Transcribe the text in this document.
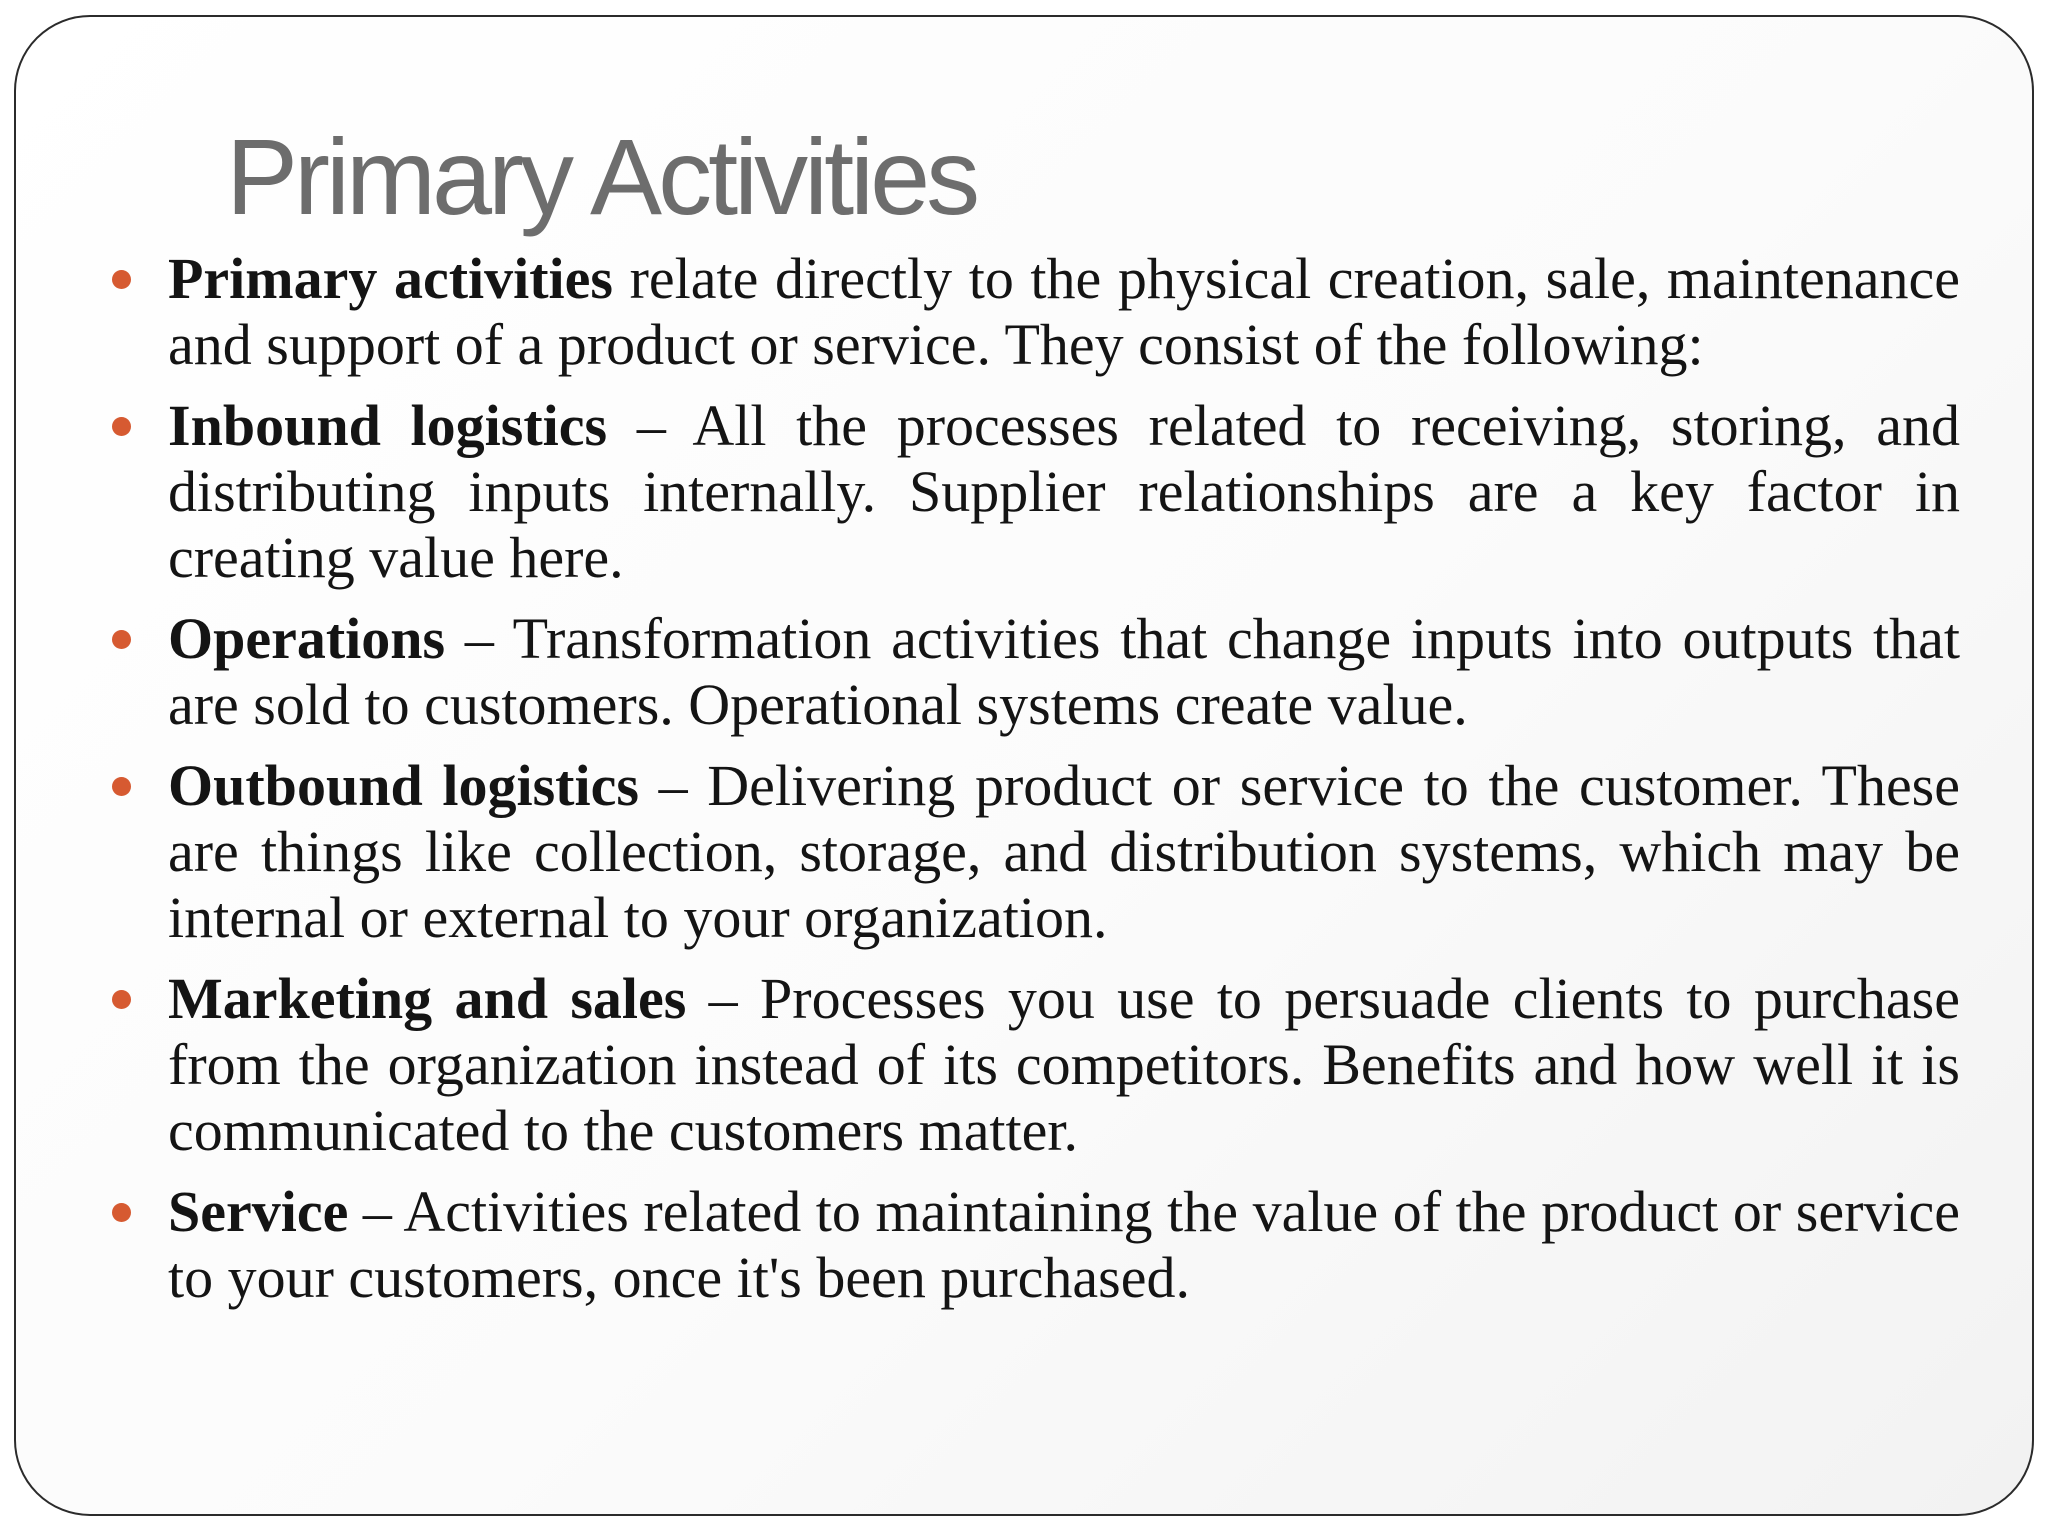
Primary Activities
Primary activities relate directly to the physical creation, sale, maintenance and support of a product or service. They consist of the following:
Inbound logistics – All the processes related to receiving, storing, and distributing inputs internally. Supplier relationships are a key factor in creating value here.
Operations – Transformation activities that change inputs into outputs that are sold to customers. Operational systems create value.
Outbound logistics – Delivering product or service to the customer. These are things like collection, storage, and distribution systems, which may be internal or external to your organization.
Marketing and sales – Processes you use to persuade clients to purchase from the organization instead of its competitors. Benefits and how well it is communicated to the customers matter.
Service – Activities related to maintaining the value of the product or service to your customers, once it's been purchased.
